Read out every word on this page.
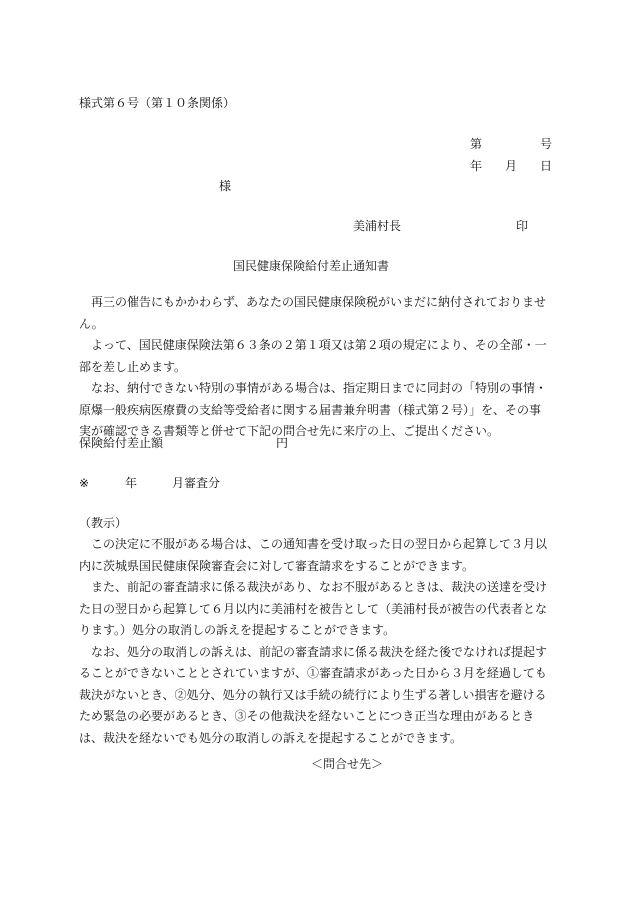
様式第６号（第１０条関係）
第	号
年 月 日
様
美浦村長	印
国民健康保険給付差止通知書

再三の催告にもかかわらず、あなたの国民健康保険税がいまだに納付されておりません。

よって、国民健康保険法第６３条の２第１項又は第２項の規定により、その全部・一部を差し止めます。

なお、納付できない特別の事情がある場合は、指定期日までに同封の「特別の事情・原爆一般疾病医療費の支給等受給者に関する届書兼弁明書（様式第２号）」を、その事実が確認できる書類等と併せて下記の問合せ先に来庁の上、ご提出ください。

保険給付差止額	円
※	年	月審査分
（教示）

この決定に不服がある場合は、この通知書を受け取った日の翌日から起算して３月以内に茨城県国民健康保険審査会に対して審査請求をすることができます。

また、前記の審査請求に係る裁決があり、なお不服があるときは、裁決の送達を受けた日の翌日から起算して６月以内に美浦村を被告として（美浦村長が被告の代表者となります。）処分の取消しの訴えを提起することができます。

なお、処分の取消しの訴えは、前記の審査請求に係る裁決を経た後でなければ提起することができないこととされていますが、①審査請求があった日から３月を経過しても裁決がないとき、②処分、処分の執行又は手続の続行により生ずる著しい損害を避けるため緊急の必要があるとき、③その他裁決を経ないことにつき正当な理由があるときは、裁決を経ないでも処分の取消しの訴えを提起することができます。

＜問合せ先＞
